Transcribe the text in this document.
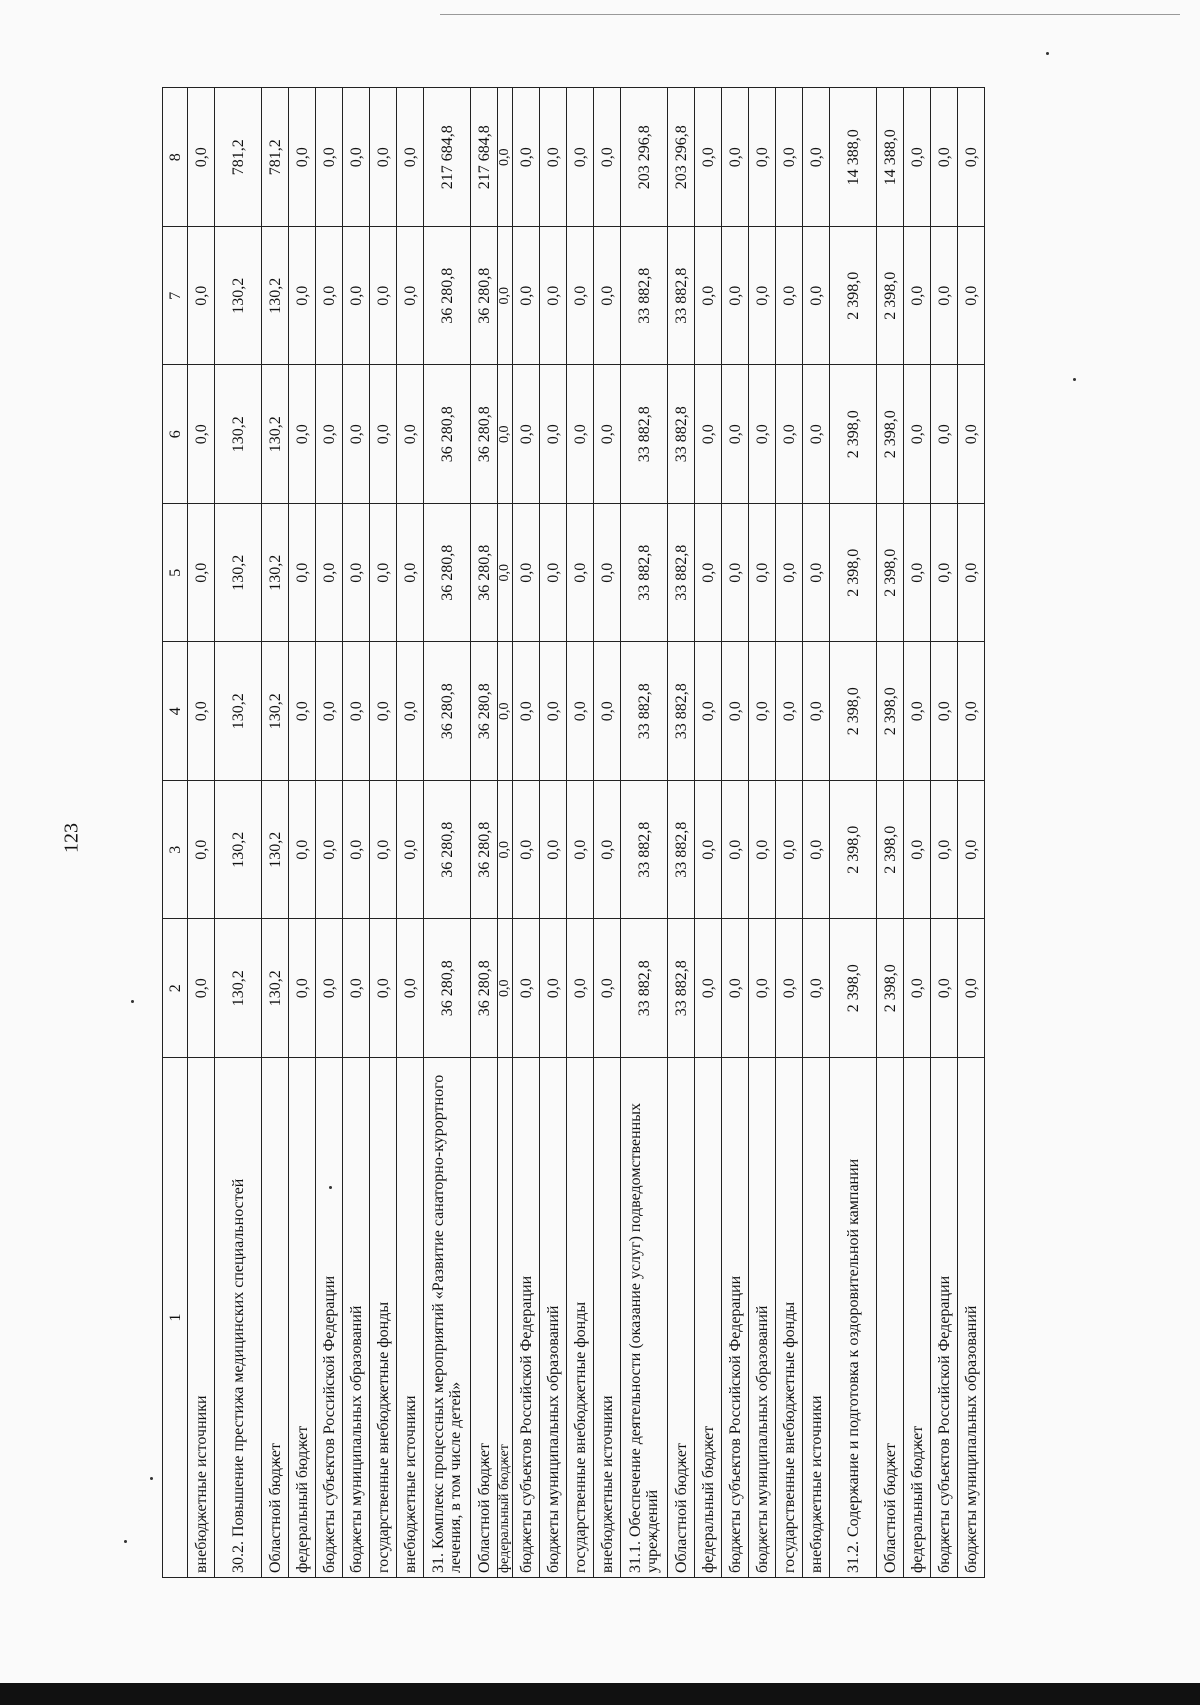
123
1	2	3	4	5	6	7	8
внебюджетные источники	0,0	0,0	0,0	0,0	0,0	0,0	0,0
30.2. Повышение престижа медицинских специальностей	130,2	130,2	130,2	130,2	130,2	130,2	781,2
Областной бюджет	130,2	130,2	130,2	130,2	130,2	130,2	781,2
федеральный бюджет	0,0	0,0	0,0	0,0	0,0	0,0	0,0
бюджеты субъектов Российской Федерации	0,0	0,0	0,0	0,0	0,0	0,0	0,0
бюджеты муниципальных образований	0,0	0,0	0,0	0,0	0,0	0,0	0,0
государственные внебюджетные фонды	0,0	0,0	0,0	0,0	0,0	0,0	0,0
внебюджетные источники	0,0	0,0	0,0	0,0	0,0	0,0	0,0
31. Комплекс процессных мероприятий «Развитие санаторно-курортного лечения, в том числе детей»	36 280,8	36 280,8	36 280,8	36 280,8	36 280,8	36 280,8	217 684,8
Областной бюджет	36 280,8	36 280,8	36 280,8	36 280,8	36 280,8	36 280,8	217 684,8
федеральный бюджет	0,0	0,0	0,0	0,0	0,0	0,0	0,0
бюджеты субъектов Российской Федерации	0,0	0,0	0,0	0,0	0,0	0,0	0,0
бюджеты муниципальных образований	0,0	0,0	0,0	0,0	0,0	0,0	0,0
государственные внебюджетные фонды	0,0	0,0	0,0	0,0	0,0	0,0	0,0
внебюджетные источники	0,0	0,0	0,0	0,0	0,0	0,0	0,0
31.1. Обеспечение деятельности (оказание услуг) подведомственных учреждений	33 882,8	33 882,8	33 882,8	33 882,8	33 882,8	33 882,8	203 296,8
Областной бюджет	33 882,8	33 882,8	33 882,8	33 882,8	33 882,8	33 882,8	203 296,8
федеральный бюджет	0,0	0,0	0,0	0,0	0,0	0,0	0,0
бюджеты субъектов Российской Федерации	0,0	0,0	0,0	0,0	0,0	0,0	0,0
бюджеты муниципальных образований	0,0	0,0	0,0	0,0	0,0	0,0	0,0
государственные внебюджетные фонды	0,0	0,0	0,0	0,0	0,0	0,0	0,0
внебюджетные источники	0,0	0,0	0,0	0,0	0,0	0,0	0,0
31.2. Содержание и подготовка к оздоровительной кампании	2 398,0	2 398,0	2 398,0	2 398,0	2 398,0	2 398,0	14 388,0
Областной бюджет	2 398,0	2 398,0	2 398,0	2 398,0	2 398,0	2 398,0	14 388,0
федеральный бюджет	0,0	0,0	0,0	0,0	0,0	0,0	0,0
бюджеты субъектов Российской Федерации	0,0	0,0	0,0	0,0	0,0	0,0	0,0
бюджеты муниципальных образований	0,0	0,0	0,0	0,0	0,0	0,0	0,0
